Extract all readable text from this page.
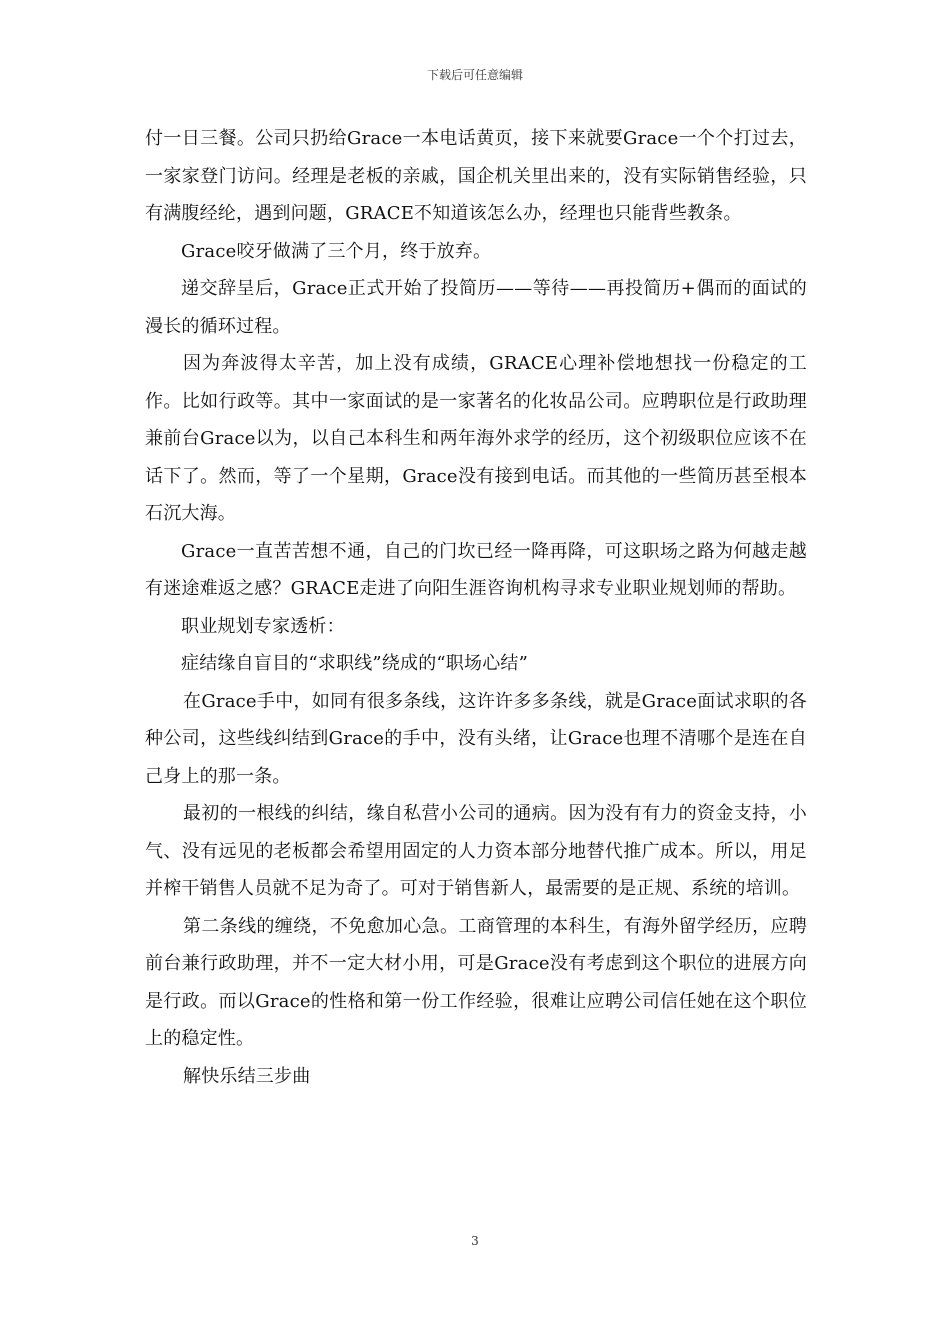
下载后可任意编辑

付一日三餐。公司只扔给Grace一本电话黄页，接下来就要Grace一个个打过去，一家家登门访问。经理是老板的亲戚，国企机关里出来的，没有实际销售经验，只有满腹经纶，遇到问题，GRACE不知道该怎么办，经理也只能背些教条。

Grace咬牙做满了三个月，终于放弃。

递交辞呈后，Grace正式开始了投简历——等待——再投简历+偶而的面试的漫长的循环过程。

因为奔波得太辛苦，加上没有成绩，GRACE心理补偿地想找一份稳定的工作。比如行政等。其中一家面试的是一家著名的化妆品公司。应聘职位是行政助理兼前台Grace以为，以自己本科生和两年海外求学的经历，这个初级职位应该不在话下了。然而，等了一个星期，Grace没有接到电话。而其他的一些简历甚至根本石沉大海。

Grace一直苦苦想不通，自己的门坎已经一降再降，可这职场之路为何越走越有迷途难返之感？GRACE走进了向阳生涯咨询机构寻求专业职业规划师的帮助。

职业规划专家透析：

症结缘自盲目的“求职线”绕成的“职场心结”

在Grace手中，如同有很多条线，这许许多多条线，就是Grace面试求职的各种公司，这些线纠结到Grace的手中，没有头绪，让Grace也理不清哪个是连在自己身上的那一条。

最初的一根线的纠结，缘自私营小公司的通病。因为没有有力的资金支持，小气、没有远见的老板都会希望用固定的人力资本部分地替代推广成本。所以，用足并榨干销售人员就不足为奇了。可对于销售新人，最需要的是正规、系统的培训。

第二条线的缠绕，不免愈加心急。工商管理的本科生，有海外留学经历，应聘前台兼行政助理，并不一定大材小用，可是Grace没有考虑到这个职位的进展方向是行政。而以Grace的性格和第一份工作经验，很难让应聘公司信任她在这个职位上的稳定性。

解快乐结三步曲

3
